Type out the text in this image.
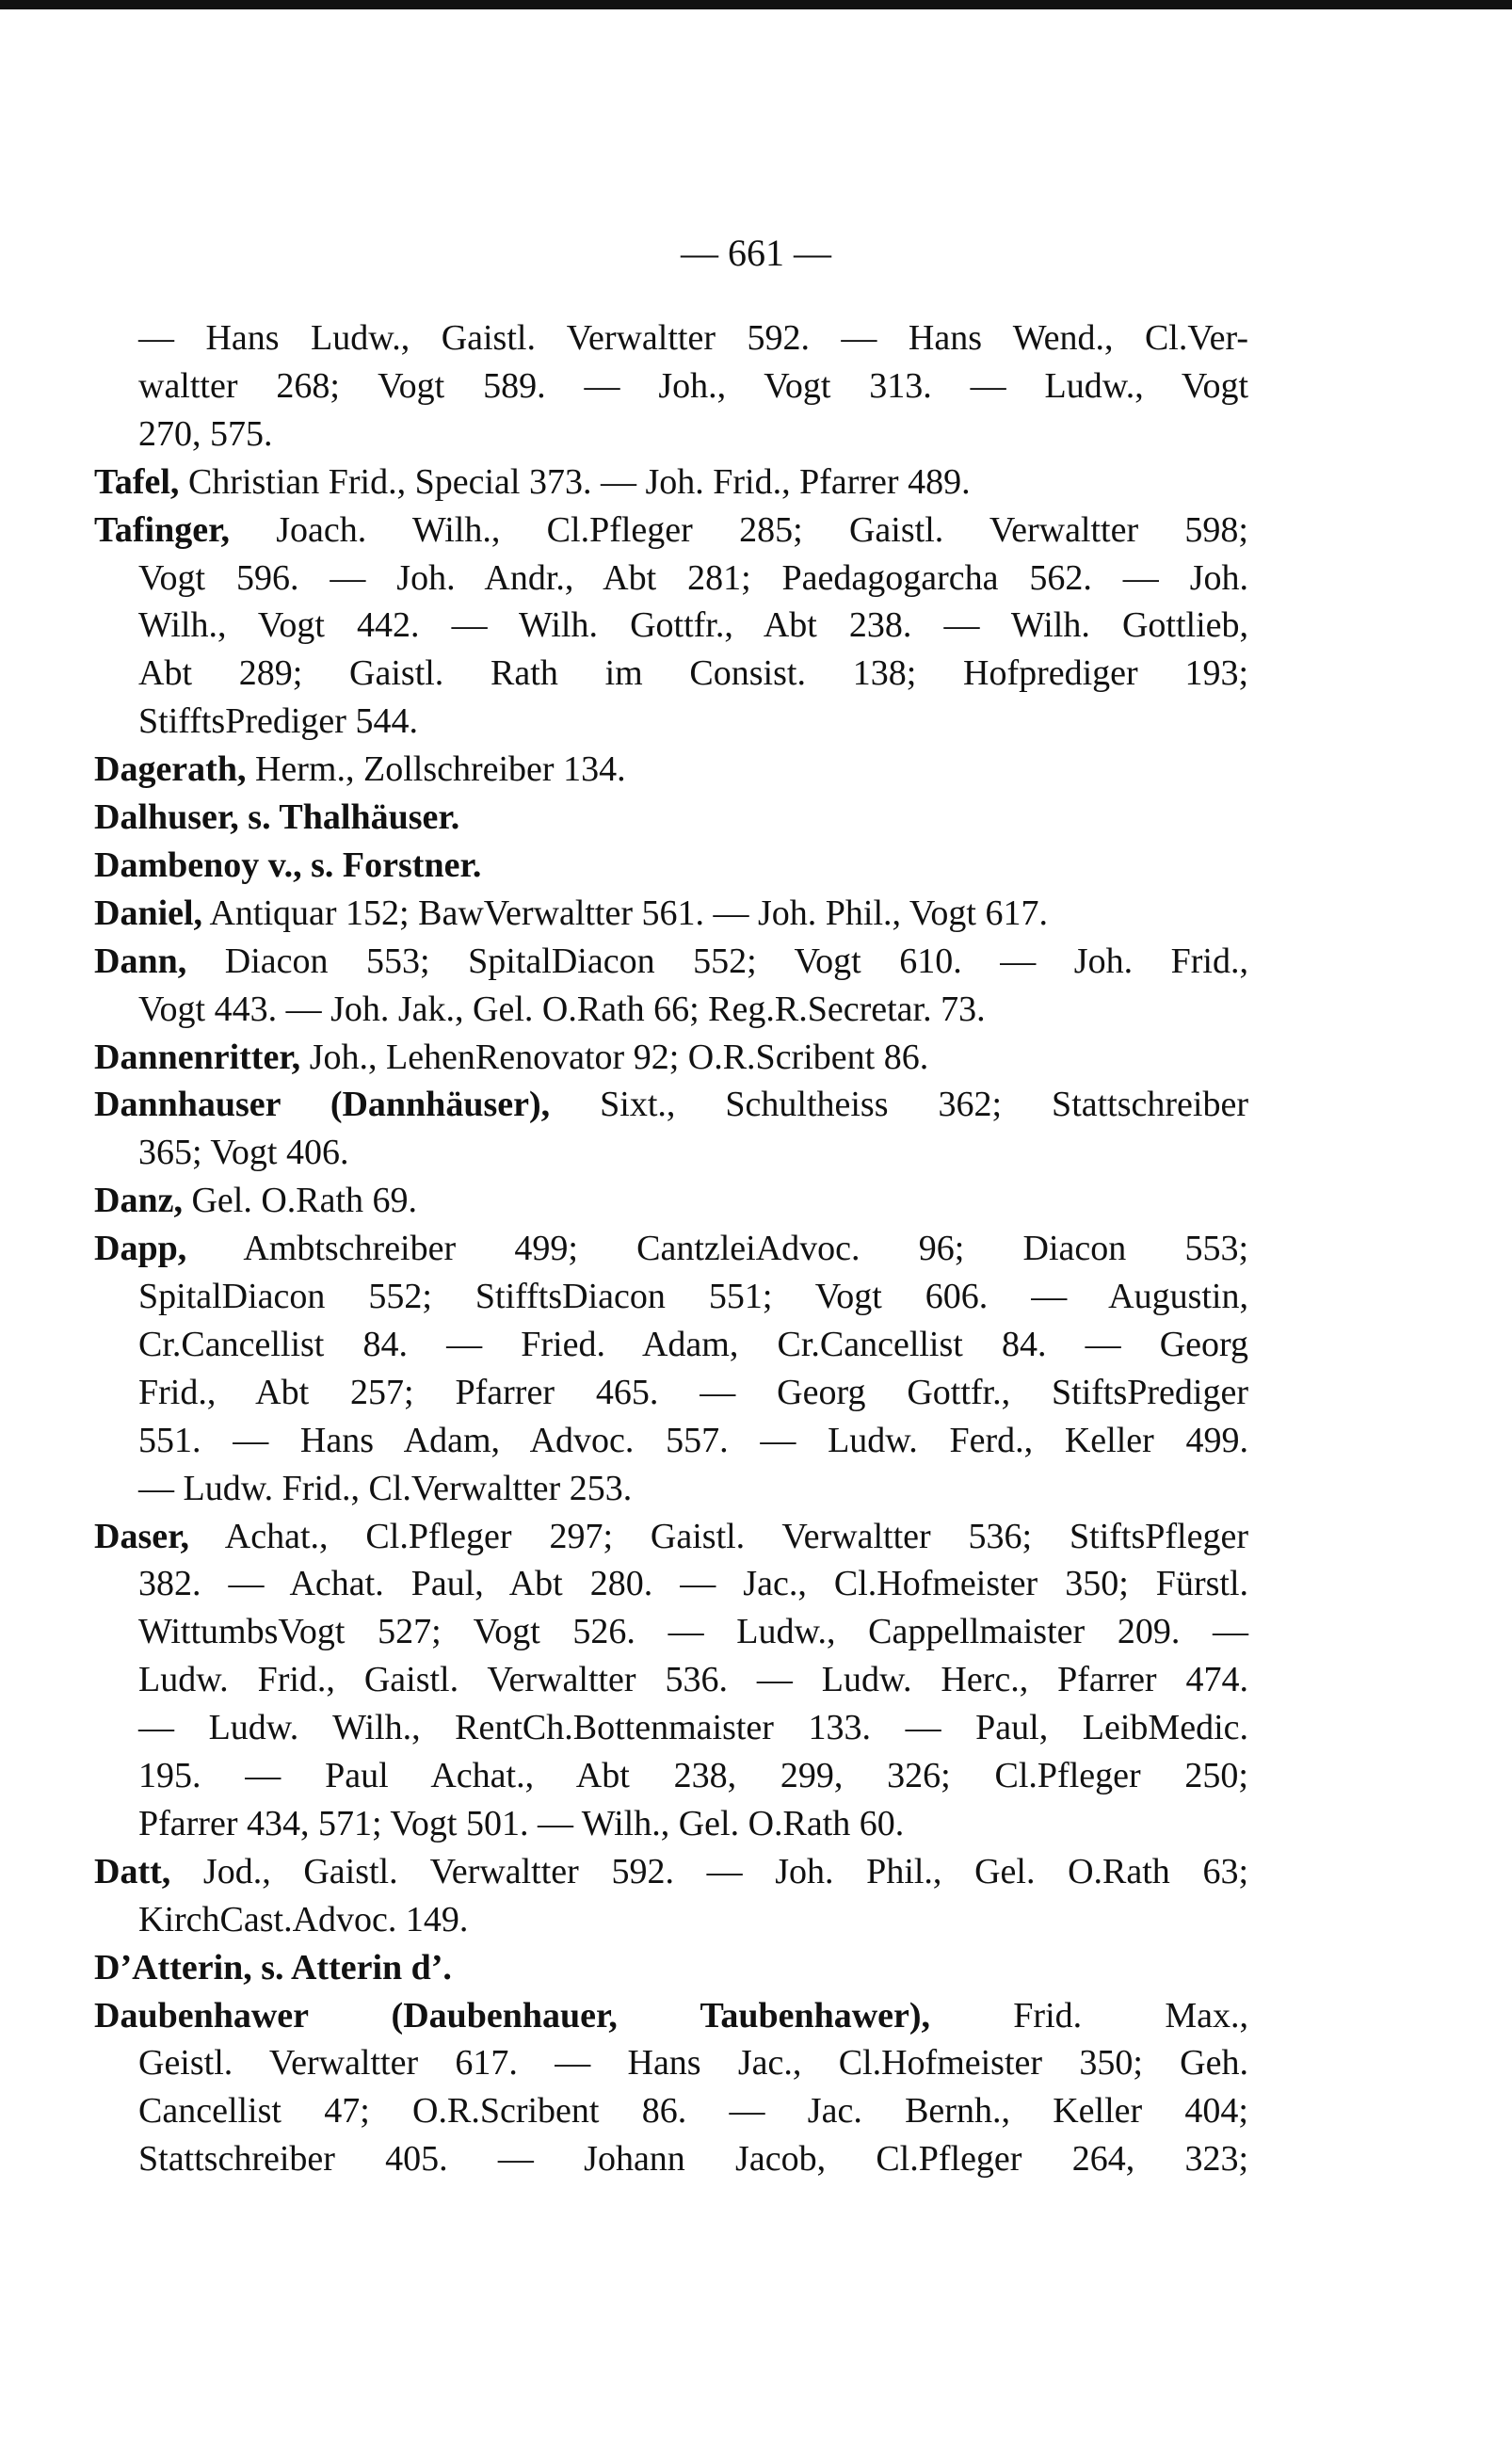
— 661 —
— Hans Ludw., Gaistl. Verwaltter 592. — Hans Wend., Cl.Ver-
waltter 268; Vogt 589. — Joh., Vogt 313. — Ludw., Vogt
270, 575.
Tafel, Christian Frid., Special 373. — Joh. Frid., Pfarrer 489.
Tafinger, Joach. Wilh., Cl.Pfleger 285; Gaistl. Verwaltter 598;
Vogt 596. — Joh. Andr., Abt 281; Paedagogarcha 562. — Joh.
Wilh., Vogt 442. — Wilh. Gottfr., Abt 238. — Wilh. Gottlieb,
Abt 289; Gaistl. Rath im Consist. 138; Hofprediger 193;
StifftsPrediger 544.
Dagerath, Herm., Zollschreiber 134.
Dalhuser, s. Thalhäuser.
Dambenoy v., s. Forstner.
Daniel, Antiquar 152; BawVerwaltter 561. — Joh. Phil., Vogt 617.
Dann, Diacon 553; SpitalDiacon 552; Vogt 610. — Joh. Frid.,
Vogt 443. — Joh. Jak., Gel. O.Rath 66; Reg.R.Secretar. 73.
Dannenritter, Joh., LehenRenovator 92; O.R.Scribent 86.
Dannhauser (Dannhäuser), Sixt., Schultheiss 362; Stattschreiber
365; Vogt 406.
Danz, Gel. O.Rath 69.
Dapp, Ambtschreiber 499; CantzleiAdvoc. 96; Diacon 553;
SpitalDiacon 552; StifftsDiacon 551; Vogt 606. — Augustin,
Cr.Cancellist 84. — Fried. Adam, Cr.Cancellist 84. — Georg
Frid., Abt 257; Pfarrer 465. — Georg Gottfr., StiftsPrediger
551. — Hans Adam, Advoc. 557. — Ludw. Ferd., Keller 499.
— Ludw. Frid., Cl.Verwaltter 253.
Daser, Achat., Cl.Pfleger 297; Gaistl. Verwaltter 536; StiftsPfleger
382. — Achat. Paul, Abt 280. — Jac., Cl.Hofmeister 350; Fürstl.
WittumbsVogt 527; Vogt 526. — Ludw., Cappellmaister 209. —
Ludw. Frid., Gaistl. Verwaltter 536. — Ludw. Herc., Pfarrer 474.
— Ludw. Wilh., RentCh.Bottenmaister 133. — Paul, LeibMedic.
195. — Paul Achat., Abt 238, 299, 326; Cl.Pfleger 250;
Pfarrer 434, 571; Vogt 501. — Wilh., Gel. O.Rath 60.
Datt, Jod., Gaistl. Verwaltter 592. — Joh. Phil., Gel. O.Rath 63;
KirchCast.Advoc. 149.
D’Atterin, s. Atterin d’.
Daubenhawer (Daubenhauer, Taubenhawer), Frid. Max.,
Geistl. Verwaltter 617. — Hans Jac., Cl.Hofmeister 350; Geh.
Cancellist 47; O.R.Scribent 86. — Jac. Bernh., Keller 404;
Stattschreiber 405. — Johann Jacob, Cl.Pfleger 264, 323;
